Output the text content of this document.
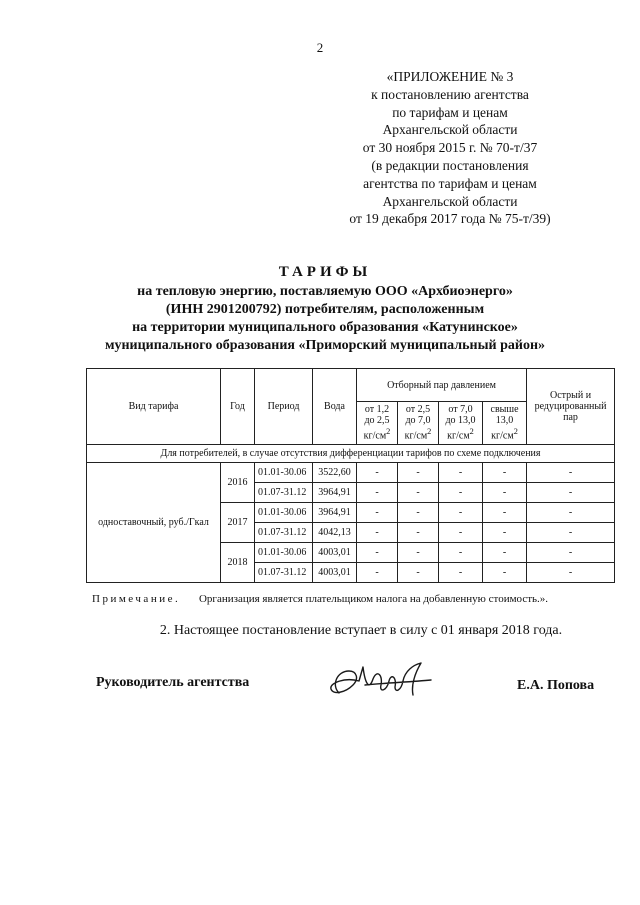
2
«ПРИЛОЖЕНИЕ № 3
к постановлению агентства
по тарифам и ценам
Архангельской области
от 30 ноября 2015 г. № 70-т/37
(в редакции постановления
агентства по тарифам и ценам
Архангельской области
от 19 декабря 2017 года № 75-т/39)
ТАРИФЫ
на тепловую энергию, поставляемую ООО «Архбиоэнерго»
(ИНН 2901200792) потребителям, расположенным
на территории муниципального образования «Катунинское»
муниципального образования «Приморский муниципальный район»
Вид тарифа	Год	Период	Вода	Отборный пар давлением				Острый и редуцированный пар
				от 1,2
до 2,5
$кг/см^2$	от 2,5
до 7,0
$кг/см^2$	от 7,0
до 13,0
$кг/см^2$	свыше
13,0
$кг/см^2$
Для потребителей, в случае отсутствия дифференциации тарифов по схеме подключения								
одноставочный, руб./Гкал	2016	01.01-30.06	3522,60	-	-	-	-	-
		01.07-31.12	3964,91	-	-	-	-	-
	2017	01.01-30.06	3964,91	-	-	-	-	-
		01.07-31.12	4042,13	-	-	-	-	-
	2018	01.01-30.06	4003,01	-	-	-	-	-
		01.07-31.12	4003,01	-	-	-	-	-
Примечание. Организация является плательщиком налога на добавленную стоимость.».
2. Настоящее постановление вступает в силу с 01 января 2018 года.
Руководитель агентства	Е.А. Попова
